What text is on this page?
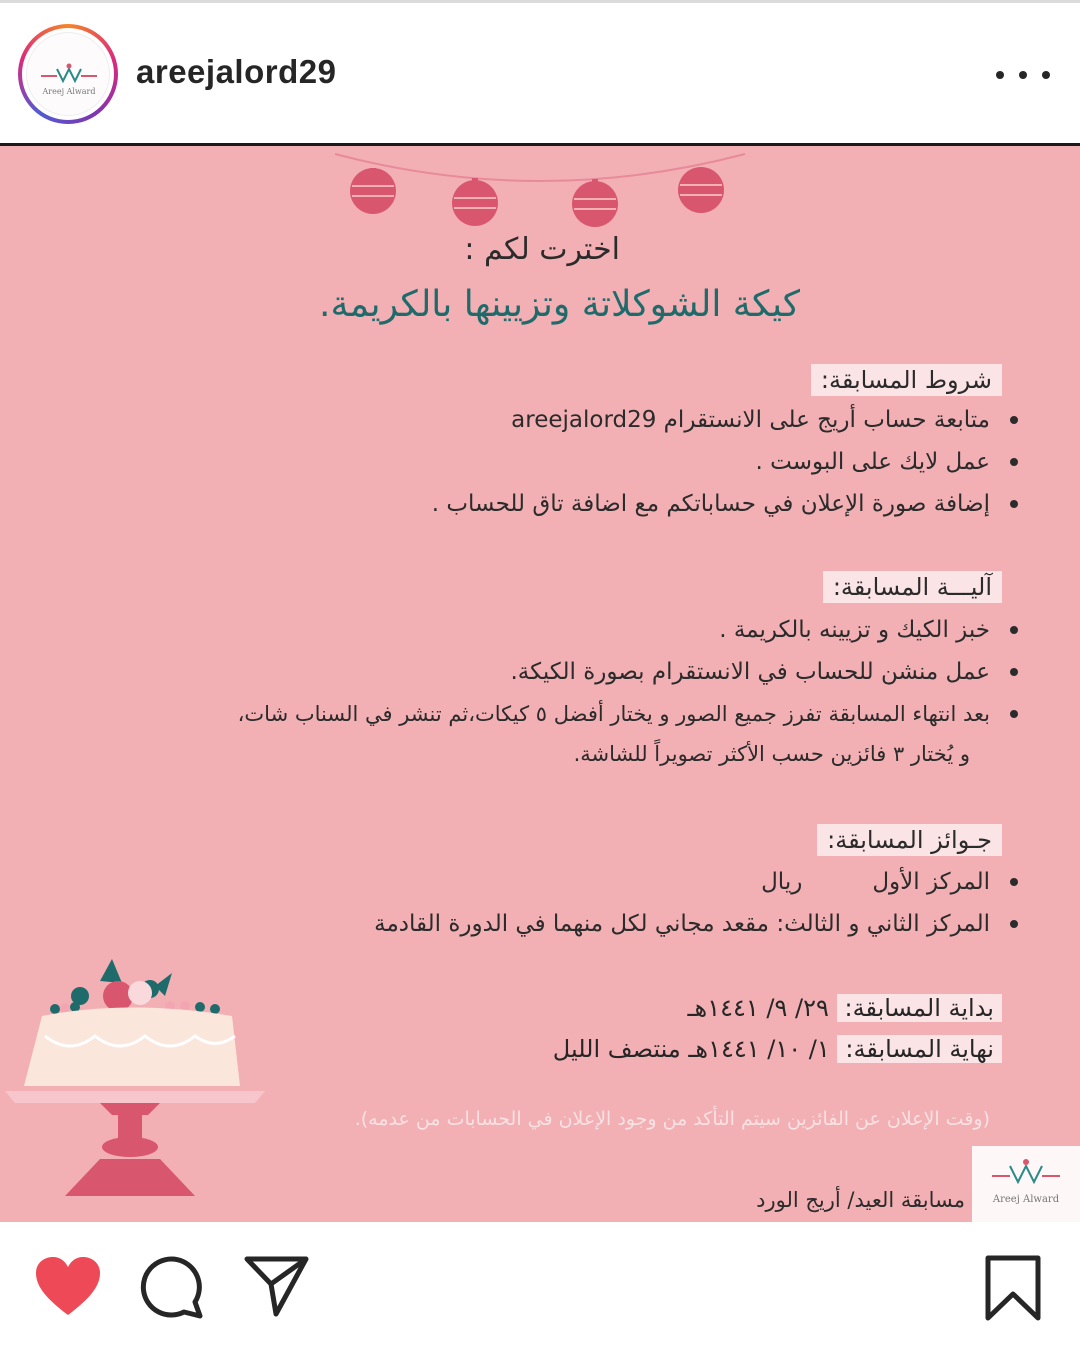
Areej Alward
areejalord29
اخترت لكم :
كيكة الشوكلاتة وتزيينها بالكريمة.
شروط المسابقة:
متابعة حساب أريج على الانستقرام areejalord29
عمل لايك على البوست .
إضافة صورة الإعلان في حساباتكم مع اضافة تاق للحساب .
آليـــة المسابقة:
خبز الكيك و تزيينه بالكريمة .
عمل منشن للحساب في الانستقرام بصورة الكيكة.
بعد انتهاء المسابقة تفرز جميع الصور و يختار أفضل ٥ كيكات،ثم تنشر في السناب شات،
و يُختار ٣ فائزين حسب الأكثر تصويراً للشاشة.
جـوائز المسابقة:
المركز الأولريال
المركز الثاني و الثالث: مقعد مجاني لكل منهما في الدورة القادمة
بداية المسابقة: ٢٩/ ٩/ ١٤٤١هـ
نهاية المسابقة: ١/ ١٠/ ١٤٤١هـ منتصف الليل
(وقت الإعلان عن الفائزين سيتم التأكد من وجود الإعلان في الحسابات من عدمه).
مسابقة العيد/ أريج الورد	Areej Alward
